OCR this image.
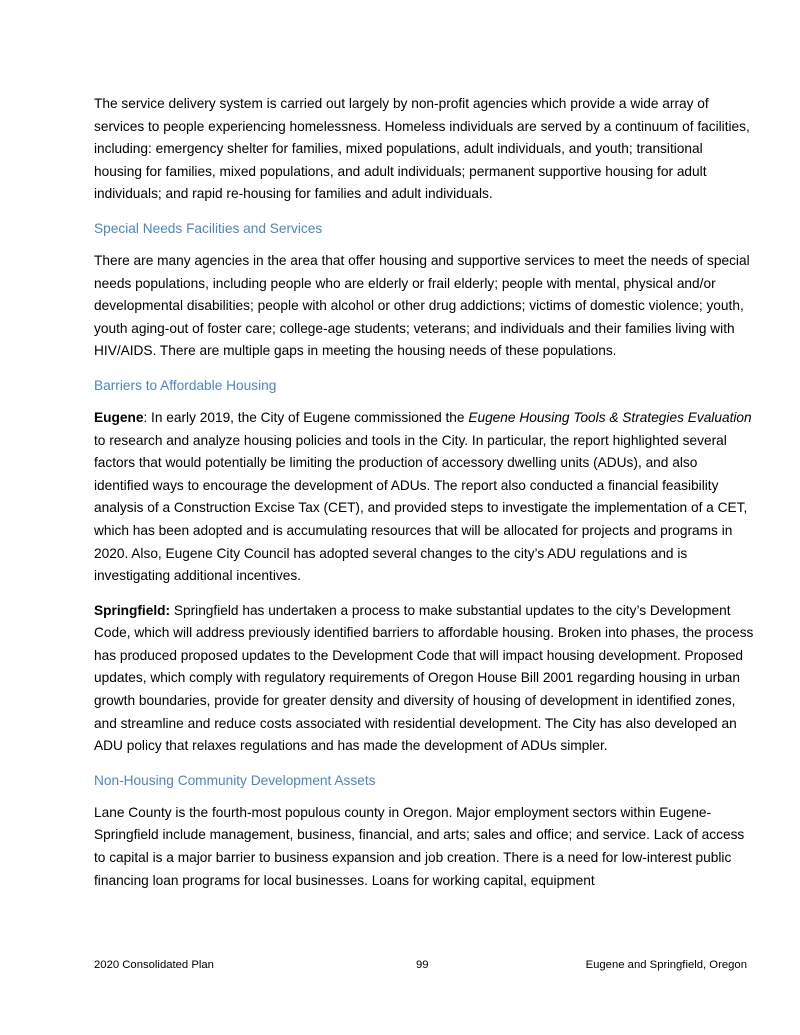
The service delivery system is carried out largely by non-profit agencies which provide a wide array of services to people experiencing homelessness. Homeless individuals are served by a continuum of facilities, including: emergency shelter for families, mixed populations, adult individuals, and youth; transitional housing for families, mixed populations, and adult individuals; permanent supportive housing for adult individuals; and rapid re-housing for families and adult individuals.

Special Needs Facilities and Services

There are many agencies in the area that offer housing and supportive services to meet the needs of special needs populations, including people who are elderly or frail elderly; people with mental, physical and/or developmental disabilities; people with alcohol or other drug addictions; victims of domestic violence; youth, youth aging-out of foster care; college-age students; veterans; and individuals and their families living with HIV/AIDS. There are multiple gaps in meeting the housing needs of these populations.

Barriers to Affordable Housing

Eugene: In early 2019, the City of Eugene commissioned the Eugene Housing Tools & Strategies Evaluation to research and analyze housing policies and tools in the City. In particular, the report highlighted several factors that would potentially be limiting the production of accessory dwelling units (ADUs), and also identified ways to encourage the development of ADUs. The report also conducted a financial feasibility analysis of a Construction Excise Tax (CET), and provided steps to investigate the implementation of a CET, which has been adopted and is accumulating resources that will be allocated for projects and programs in 2020. Also, Eugene City Council has adopted several changes to the city’s ADU regulations and is investigating additional incentives.

Springfield: Springfield has undertaken a process to make substantial updates to the city’s Development Code, which will address previously identified barriers to affordable housing. Broken into phases, the process has produced proposed updates to the Development Code that will impact housing development. Proposed updates, which comply with regulatory requirements of Oregon House Bill 2001 regarding housing in urban growth boundaries, provide for greater density and diversity of housing of development in identified zones, and streamline and reduce costs associated with residential development. The City has also developed an ADU policy that relaxes regulations and has made the development of ADUs simpler.

Non-Housing Community Development Assets

Lane County is the fourth-most populous county in Oregon. Major employment sectors within Eugene-Springfield include management, business, financial, and arts; sales and office; and service. Lack of access to capital is a major barrier to business expansion and job creation. There is a need for low-interest public financing loan programs for local businesses. Loans for working capital, equipment

2020 Consolidated Plan	99	Eugene and Springfield, Oregon
